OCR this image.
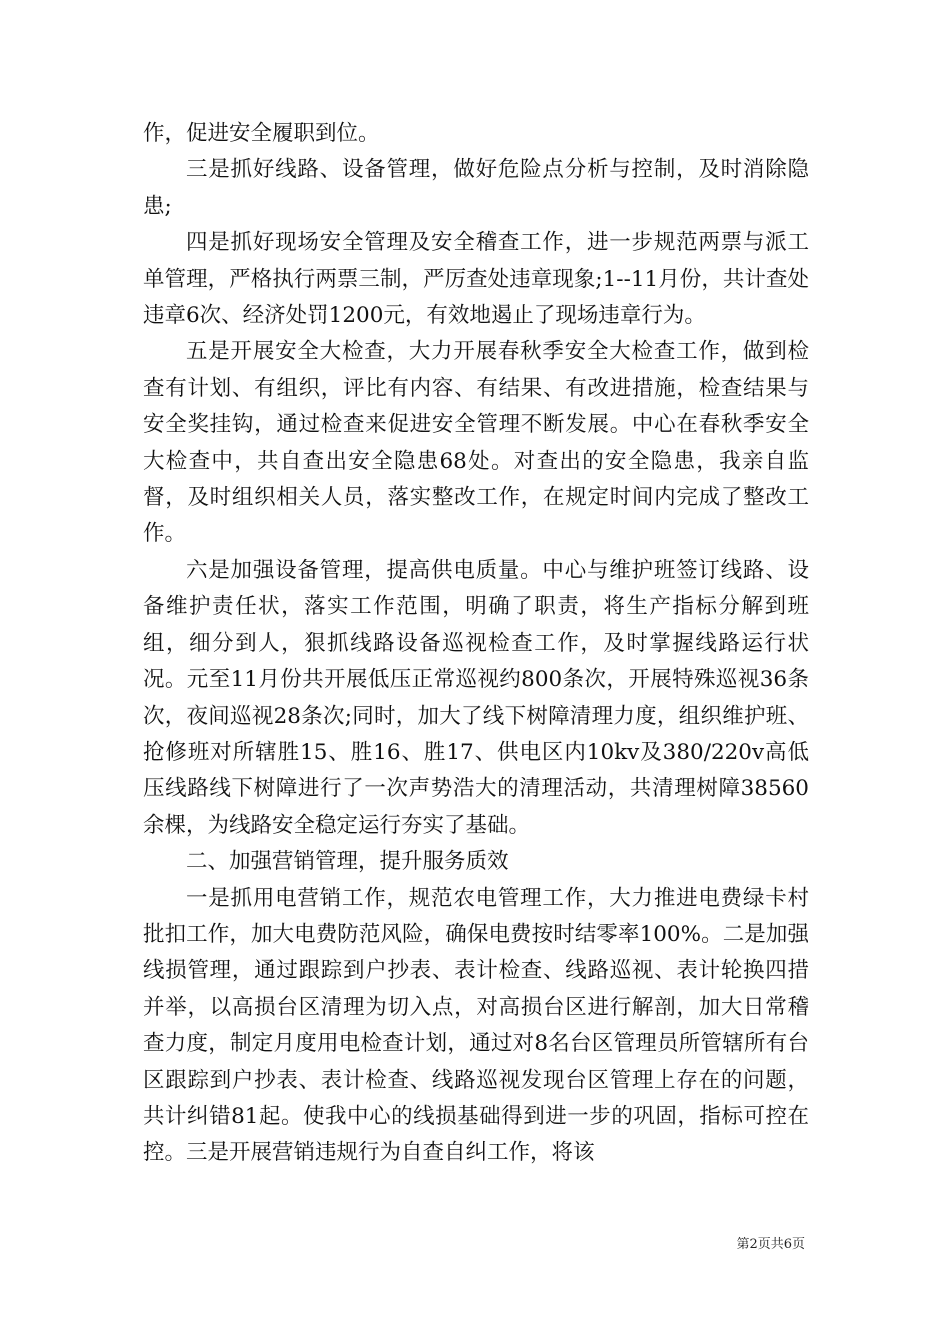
作，促进安全履职到位。

三是抓好线路、设备管理，做好危险点分析与控制，及时消除隐患;

四是抓好现场安全管理及安全稽查工作，进一步规范两票与派工单管理，严格执行两票三制，严厉查处违章现象;1--11月份，共计查处违章6次、经济处罚1200元，有效地遏止了现场违章行为。

五是开展安全大检查，大力开展春秋季安全大检查工作，做到检查有计划、有组织，评比有内容、有结果、有改进措施，检查结果与安全奖挂钩，通过检查来促进安全管理不断发展。中心在春秋季安全大检查中，共自查出安全隐患68处。对查出的安全隐患，我亲自监督，及时组织相关人员，落实整改工作，在规定时间内完成了整改工作。

六是加强设备管理，提高供电质量。中心与维护班签订线路、设备维护责任状，落实工作范围，明确了职责，将生产指标分解到班组，细分到人，狠抓线路设备巡视检查工作，及时掌握线路运行状况。元至11月份共开展低压正常巡视约800条次，开展特殊巡视36条次，夜间巡视28条次;同时，加大了线下树障清理力度，组织维护班、抢修班对所辖胜15、胜16、胜17、供电区内10kv及380/220v高低压线路线下树障进行了一次声势浩大的清理活动，共清理树障38560余棵，为线路安全稳定运行夯实了基础。

二、加强营销管理，提升服务质效

一是抓用电营销工作，规范农电管理工作，大力推进电费绿卡村批扣工作，加大电费防范风险，确保电费按时结零率100%。二是加强线损管理，通过跟踪到户抄表、表计检查、线路巡视、表计轮换四措并举，以高损台区清理为切入点，对高损台区进行解剖，加大日常稽查力度，制定月度用电检查计划，通过对8名台区管理员所管辖所有台区跟踪到户抄表、表计检查、线路巡视发现台区管理上存在的问题，共计纠错81起。使我中心的线损基础得到进一步的巩固，指标可控在控。三是开展营销违规行为自查自纠工作，将该

第2页共6页
